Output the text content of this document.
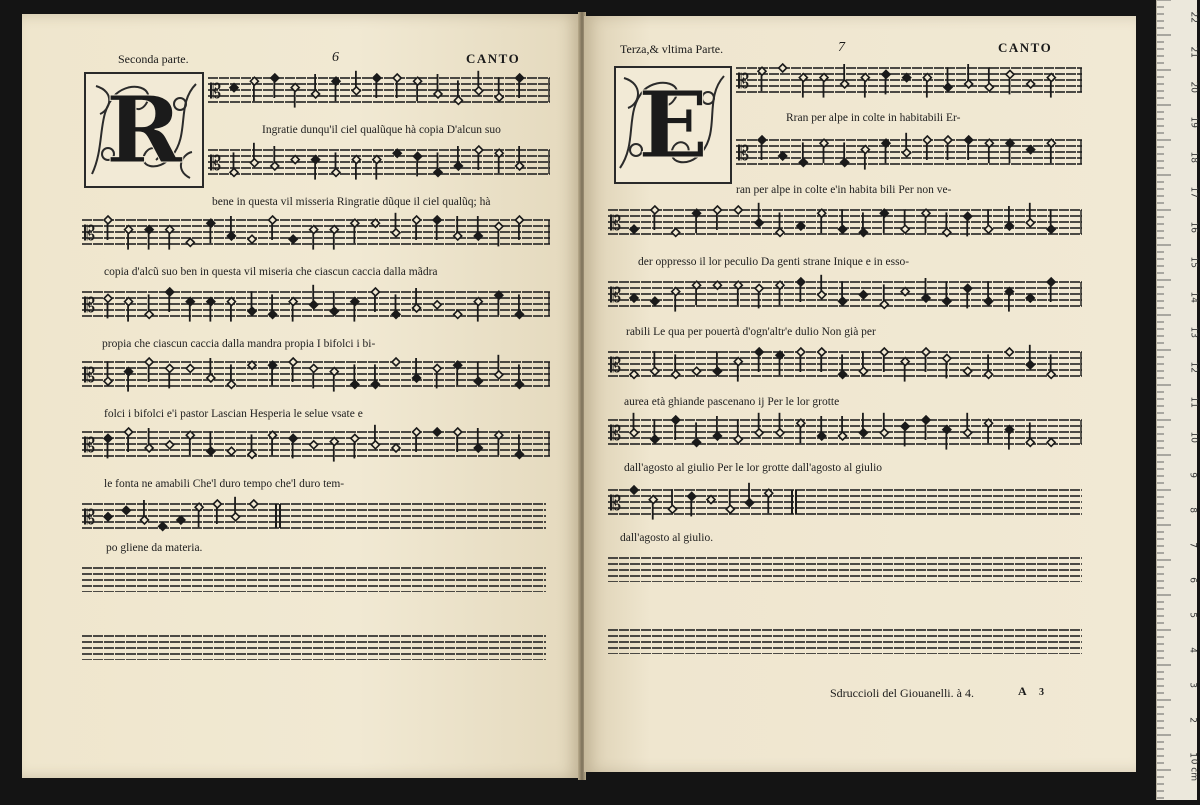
22
21
20
19
18
17
16
15
14
13
12
11
10
9
8
7
6
5
4
3
2
1
0 cm
Seconda parte.	6	CANTO
R	𝄡
Ingratie dunqu'il ciel qualũque hà copia D'alcun suo
𝄡
bene in questa vil misseria Ringratie dũque il ciel qualũq; hà
𝄡
copia d'alcũ suo ben in questa vil miseria che ciascun caccia dalla mãdra
𝄡
propia che ciascun caccia dalla mandra propia I bifolci i bi-
𝄡
folci i bifolci e'i pastor Lascian Hesperia le selue vsate e
𝄡
le fonta ne amabili Che'l duro tempo che'l duro tem-
𝄡
po gliene da materia.
Terza,& vltima Parte.	7	CANTO
E	𝄡
Rran per alpe in colte in habitabili Er-
𝄡
ran per alpe in colte e'in habita bili Per non ve-
𝄡
der oppresso il lor peculio Da genti strane Inique e in esso-
𝄡
rabili Le qua per pouertà d'ogn'altr'e dulio Non già per
𝄡
aurea età ghiande pascenano ij Per le lor grotte
𝄡
dall'agosto al giulio Per le lor grotte dall'agosto al giulio
𝄡
dall'agosto al giulio.
Sdruccioli del Giouanelli. à 4.	A 3
